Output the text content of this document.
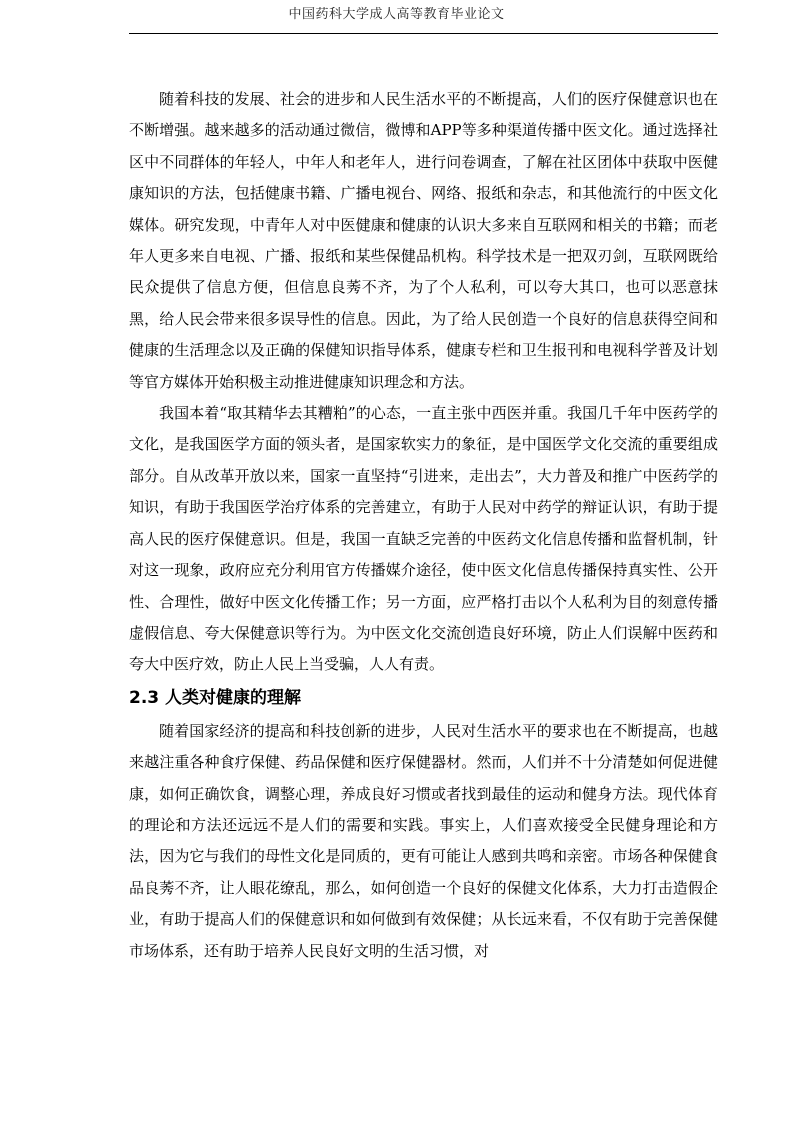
中国药科大学成人高等教育毕业论文

随着科技的发展、社会的进步和人民生活水平的不断提高，人们的医疗保健意识也在不断增强。越来越多的活动通过微信，微博和APP等多种渠道传播中医文化。通过选择社区中不同群体的年轻人，中年人和老年人，进行问卷调查，了解在社区团体中获取中医健康知识的方法，包括健康书籍、广播电视台、网络、报纸和杂志，和其他流行的中医文化媒体。研究发现，中青年人对中医健康和健康的认识大多来自互联网和相关的书籍；而老年人更多来自电视、广播、报纸和某些保健品机构。科学技术是一把双刃剑，互联网既给民众提供了信息方便，但信息良莠不齐，为了个人私利，可以夸大其口，也可以恶意抹黑，给人民会带来很多误导性的信息。因此，为了给人民创造一个良好的信息获得空间和健康的生活理念以及正确的保健知识指导体系，健康专栏和卫生报刊和电视科学普及计划等官方媒体开始积极主动推进健康知识理念和方法。

我国本着“取其精华去其糟粕”的心态，一直主张中西医并重。我国几千年中医药学的文化，是我国医学方面的领头者，是国家软实力的象征，是中国医学文化交流的重要组成部分。自从改革开放以来，国家一直坚持“引进来，走出去”，大力普及和推广中医药学的知识，有助于我国医学治疗体系的完善建立，有助于人民对中药学的辩证认识，有助于提高人民的医疗保健意识。但是，我国一直缺乏完善的中医药文化信息传播和监督机制，针对这一现象，政府应充分利用官方传播媒介途径，使中医文化信息传播保持真实性、公开性、合理性，做好中医文化传播工作；另一方面，应严格打击以个人私利为目的刻意传播虚假信息、夸大保健意识等行为。为中医文化交流创造良好环境，防止人们误解中医药和夸大中医疗效，防止人民上当受骗，人人有责。

2.3 人类对健康的理解

随着国家经济的提高和科技创新的进步，人民对生活水平的要求也在不断提高，也越来越注重各种食疗保健、药品保健和医疗保健器材。然而，人们并不十分清楚如何促进健康，如何正确饮食，调整心理，养成良好习惯或者找到最佳的运动和健身方法。现代体育的理论和方法还远远不是人们的需要和实践。事实上，人们喜欢接受全民健身理论和方法，因为它与我们的母性文化是同质的，更有可能让人感到共鸣和亲密。市场各种保健食品良莠不齐，让人眼花缭乱，那么，如何创造一个良好的保健文化体系，大力打击造假企业，有助于提高人们的保健意识和如何做到有效保健；从长远来看，不仅有助于完善保健市场体系，还有助于培养人民良好文明的生活习惯，对
